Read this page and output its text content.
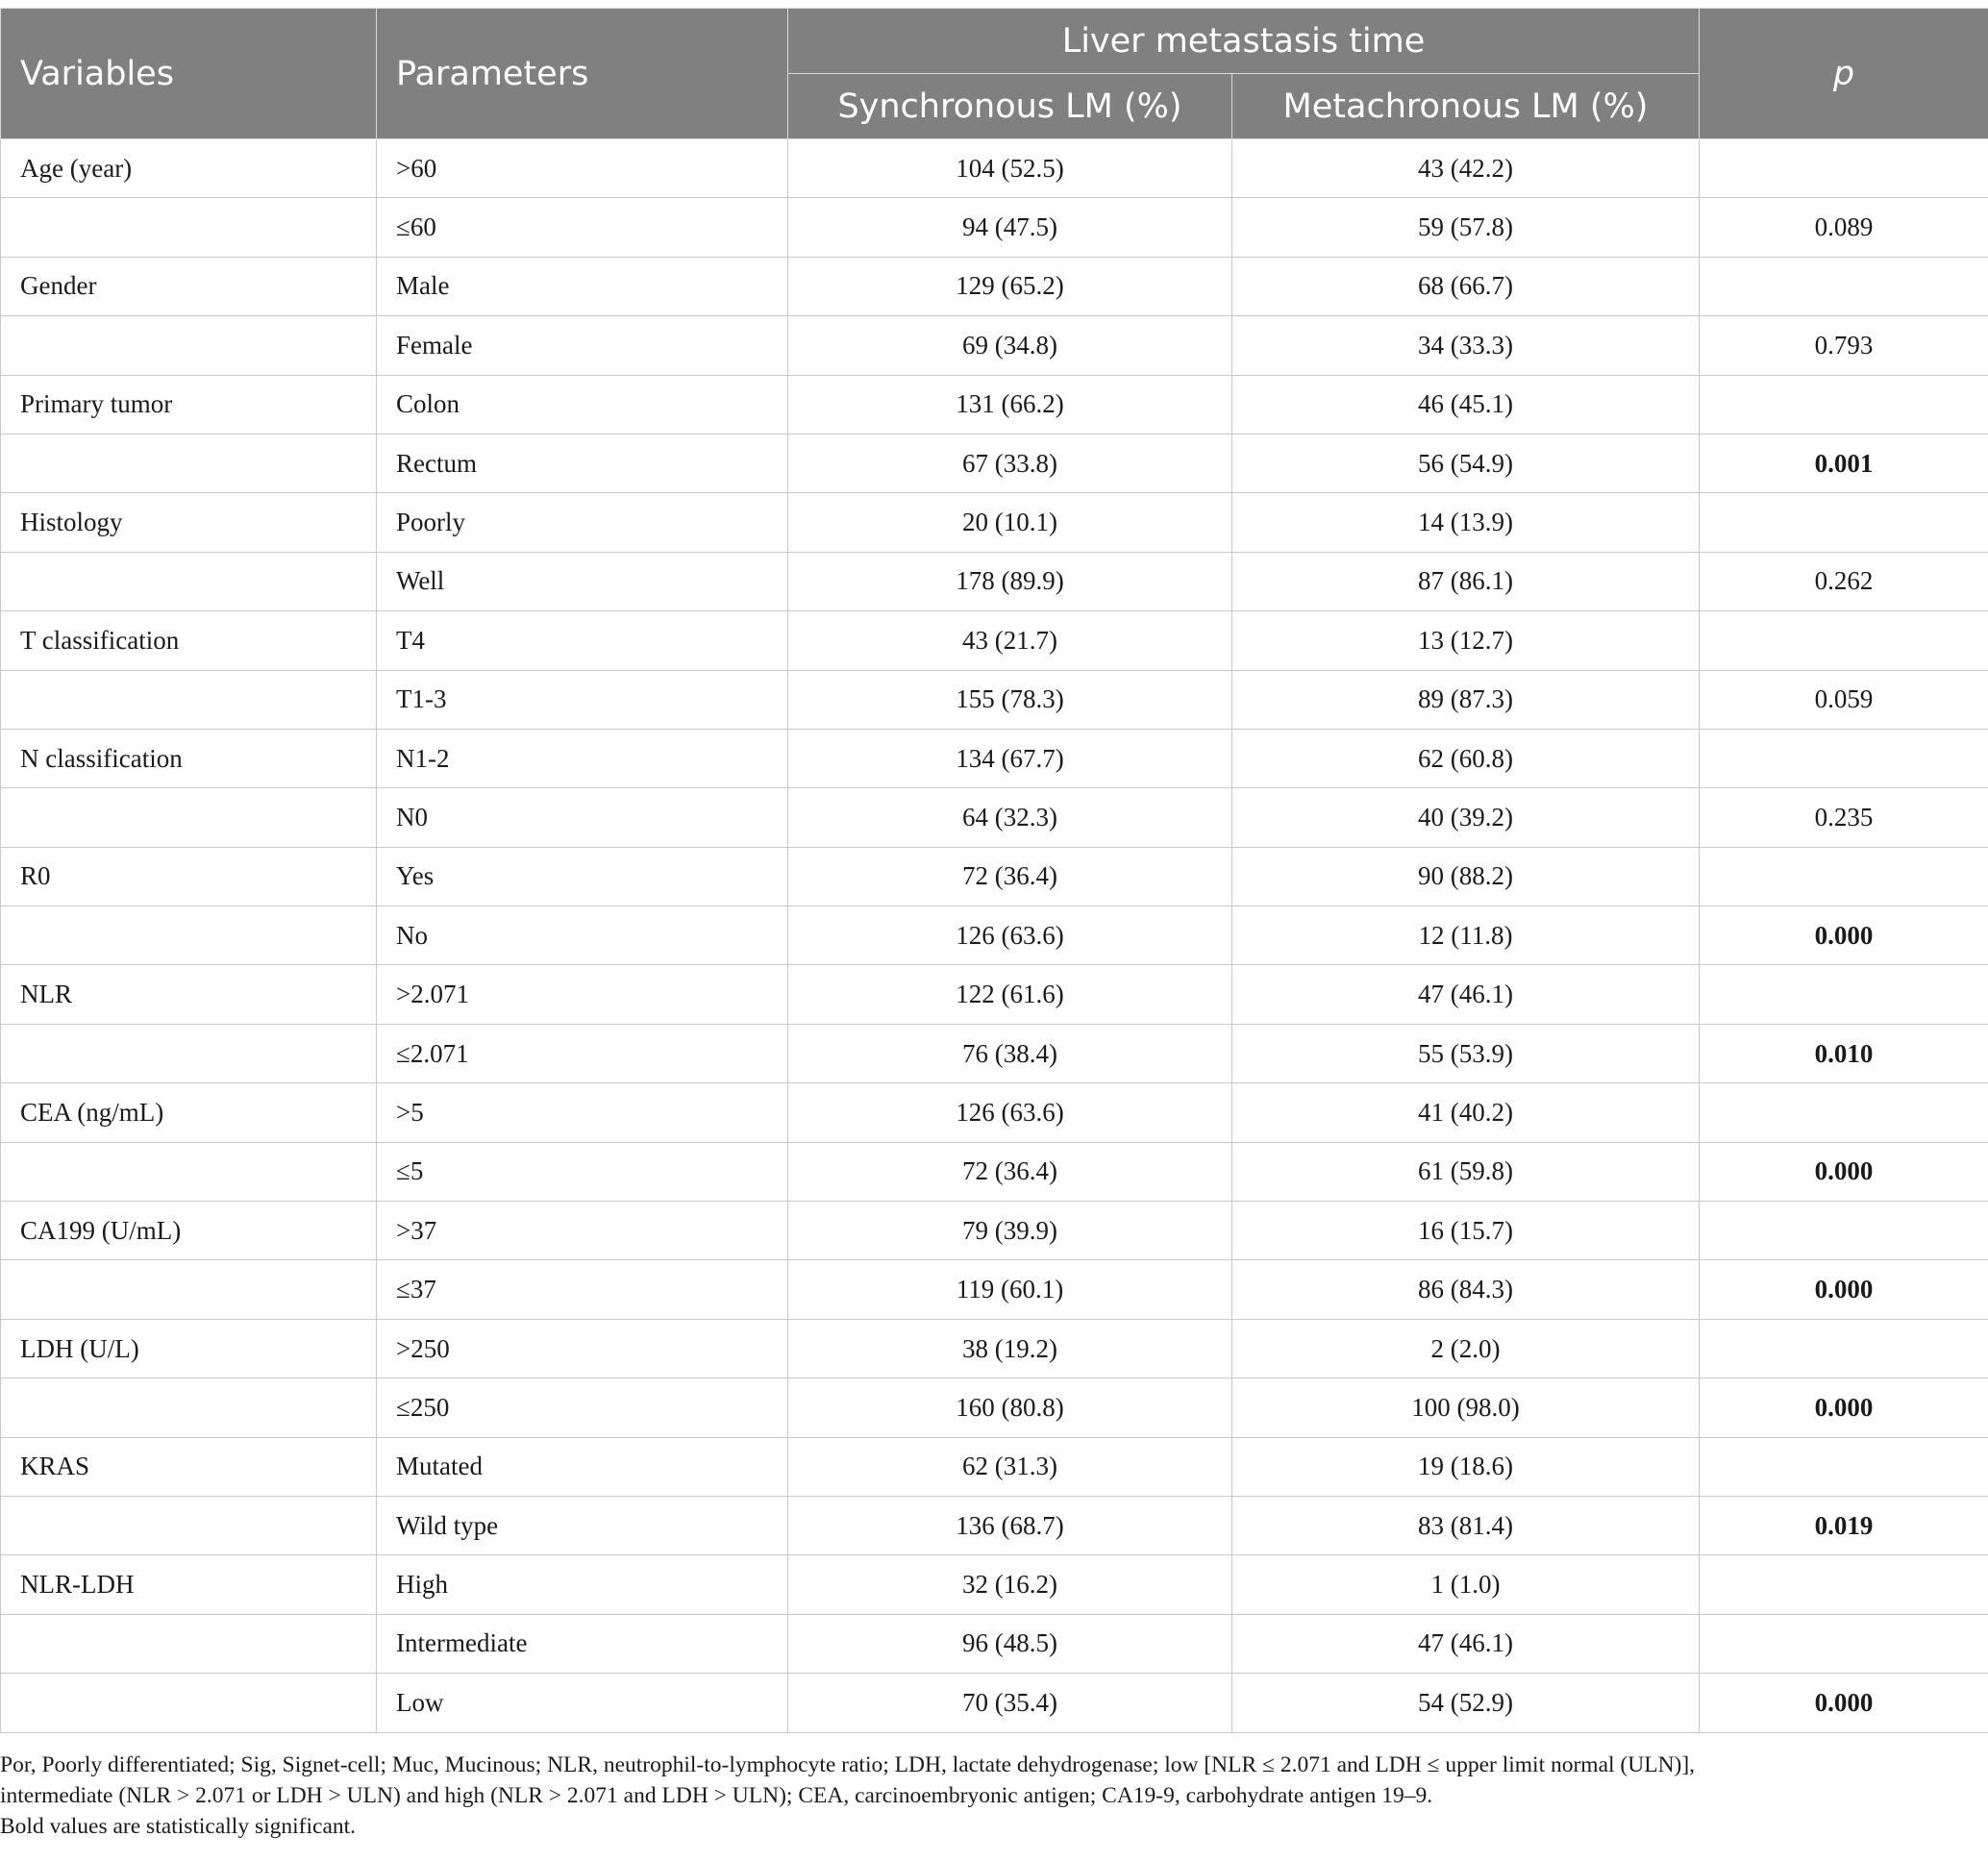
Variables	Parameters	Liver metastasis time		p
		Synchronous LM (%)	Metachronous LM (%)	
Age (year)	>60	104 (52.5)	43 (42.2)	
	≤60	94 (47.5)	59 (57.8)	0.089
Gender	Male	129 (65.2)	68 (66.7)	
	Female	69 (34.8)	34 (33.3)	0.793
Primary tumor	Colon	131 (66.2)	46 (45.1)	
	Rectum	67 (33.8)	56 (54.9)	0.001
Histology	Poorly	20 (10.1)	14 (13.9)	
	Well	178 (89.9)	87 (86.1)	0.262
T classification	T4	43 (21.7)	13 (12.7)	
	T1-3	155 (78.3)	89 (87.3)	0.059
N classification	N1-2	134 (67.7)	62 (60.8)	
	N0	64 (32.3)	40 (39.2)	0.235
R0	Yes	72 (36.4)	90 (88.2)	
	No	126 (63.6)	12 (11.8)	0.000
NLR	>2.071	122 (61.6)	47 (46.1)	
	≤2.071	76 (38.4)	55 (53.9)	0.010
CEA (ng/mL)	>5	126 (63.6)	41 (40.2)	
	≤5	72 (36.4)	61 (59.8)	0.000
CA199 (U/mL)	>37	79 (39.9)	16 (15.7)	
	≤37	119 (60.1)	86 (84.3)	0.000
LDH (U/L)	>250	38 (19.2)	2 (2.0)	
	≤250	160 (80.8)	100 (98.0)	0.000
KRAS	Mutated	62 (31.3)	19 (18.6)	
	Wild type	136 (68.7)	83 (81.4)	0.019
NLR-LDH	High	32 (16.2)	1 (1.0)	
	Intermediate	96 (48.5)	47 (46.1)	
	Low	70 (35.4)	54 (52.9)	0.000

Por, Poorly differentiated; Sig, Signet-cell; Muc, Mucinous; NLR, neutrophil-to-lymphocyte ratio; LDH, lactate dehydrogenase; low [NLR ≤ 2.071 and LDH ≤ upper limit normal (ULN)],

intermediate (NLR > 2.071 or LDH > ULN) and high (NLR > 2.071 and LDH > ULN); CEA, carcinoembryonic antigen; CA19-9, carbohydrate antigen 19–9.

Bold values are statistically significant.
